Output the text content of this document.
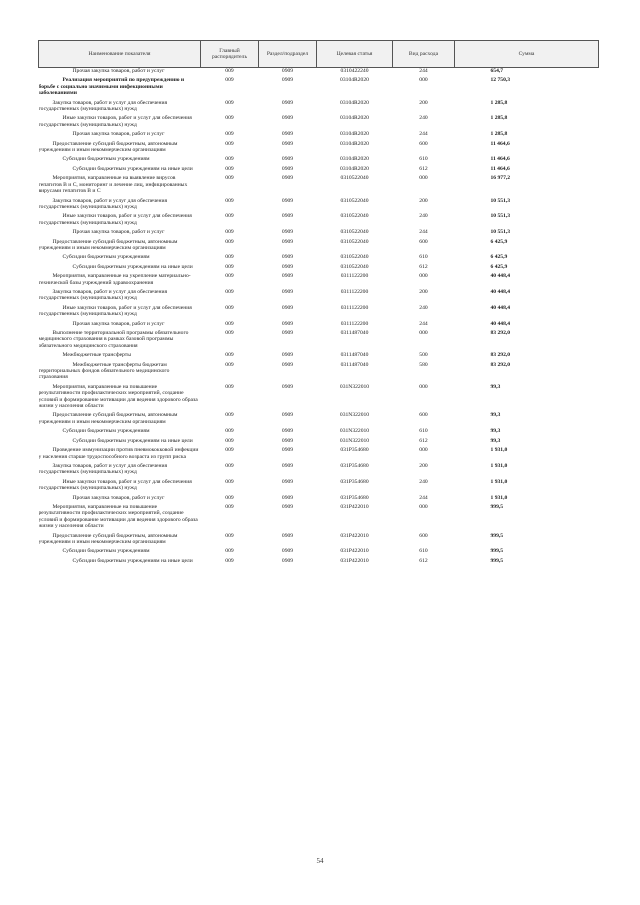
Наименование показателя	Главный распорядитель	Раздел/подраздел	Целевая статья	Вид расхода	Сумма
Прочая закупка товаров, работ и услуг	009	0909	0310422240	244	654,7
Реализация мероприятий по предупреждению и борьбе с социально значимыми инфекционными заболеваниями	009	0909	03104R2020	000	12 750,3
Закупка товаров, работ и услуг для обеспечения государственных (муниципальных) нужд	009	0909	03104R2020	200	1 285,8
Иные закупки товаров, работ и услуг для обеспечения государственных (муниципальных) нужд	009	0909	03104R2020	240	1 285,8
Прочая закупка товаров, работ и услуг	009	0909	03104R2020	244	1 285,8
Предоставление субсидий бюджетным, автономным учреждениям и иным некоммерческим организациям	009	0909	03104R2020	600	11 464,6
Субсидии бюджетным учреждениям	009	0909	03104R2020	610	11 464,6
Субсидии бюджетным учреждениям на иные цели	009	0909	03104R2020	612	11 464,6
Мероприятия, направленные на выявление вирусов гепатитов В и С, мониторинг и лечение лиц, инфицированных вирусами гепатитов В и С	009	0909	0310522040	000	16 977,2
Закупка товаров, работ и услуг для обеспечения государственных (муниципальных) нужд	009	0909	0310522040	200	10 551,3
Иные закупки товаров, работ и услуг для обеспечения государственных (муниципальных) нужд	009	0909	0310522040	240	10 551,3
Прочая закупка товаров, работ и услуг	009	0909	0310522040	244	10 551,3
Предоставление субсидий бюджетным, автономным учреждениям и иным некоммерческим организациям	009	0909	0310522040	600	6 425,9
Субсидии бюджетным учреждениям	009	0909	0310522040	610	6 425,9
Субсидии бюджетным учреждениям на иные цели	009	0909	0310522040	612	6 425,9
Мероприятия, направленные на укрепление материально-технической базы учреждений здравоохранения	009	0909	0311122200	000	40 448,4
Закупка товаров, работ и услуг для обеспечения государственных (муниципальных) нужд	009	0909	0311122200	200	40 448,4
Иные закупки товаров, работ и услуг для обеспечения государственных (муниципальных) нужд	009	0909	0311122200	240	40 448,4
Прочая закупка товаров, работ и услуг	009	0909	0311122200	244	40 448,4
Выполнение территориальной программы обязательного медицинского страхования в рамках базовой программы обязательного медицинского страхования	009	0909	0311487040	000	83 292,0
Межбюджетные трансферты	009	0909	0311487040	500	83 292,0
Межбюджетные трансферты бюджетам территориальных фондов обязательного медицинского страхования	009	0909	0311487040	580	83 292,0
Мероприятия, направленные на повышение результативности профилактических мероприятий, создание условий и формирование мотивации для ведения здорового образа жизни у населения области	009	0909	031N322010	000	99,3
Предоставление субсидий бюджетным, автономным учреждениям и иным некоммерческим организациям	009	0909	031N322010	600	99,3
Субсидии бюджетным учреждениям	009	0909	031N322010	610	99,3
Субсидии бюджетным учреждениям на иные цели	009	0909	031N322010	612	99,3
Проведение иммунизации против пневмококковой инфекции у населения старше трудоспособного возраста из групп риска	009	0909	031P354680	000	1 931,0
Закупка товаров, работ и услуг для обеспечения государственных (муниципальных) нужд	009	0909	031P354680	200	1 931,0
Иные закупки товаров, работ и услуг для обеспечения государственных (муниципальных) нужд	009	0909	031P354680	240	1 931,0
Прочая закупка товаров, работ и услуг	009	0909	031P354680	244	1 931,0
Мероприятия, направленные на повышение результативности профилактических мероприятий, создание условий и формирование мотивации для ведения здорового образа жизни у населения области	009	0909	031P422010	000	999,5
Предоставление субсидий бюджетным, автономным учреждениям и иным некоммерческим организациям	009	0909	031P422010	600	999,5
Субсидии бюджетным учреждениям	009	0909	031P422010	610	999,5
Субсидии бюджетным учреждениям на иные цели	009	0909	031P422010	612	999,5
54
